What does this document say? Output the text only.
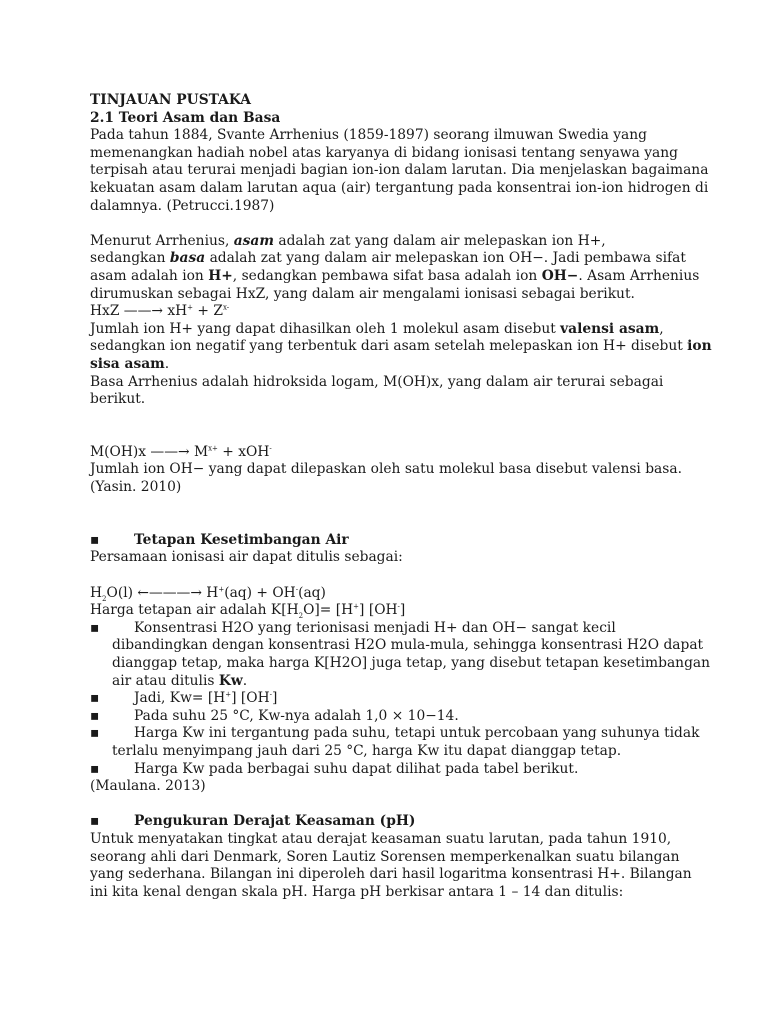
TINJAUAN PUSTAKA
2.1 Teori Asam dan Basa
Pada tahun 1884, Svante Arrhenius (1859-1897) seorang ilmuwan Swedia yang
memenangkan hadiah nobel atas karyanya di bidang ionisasi tentang senyawa yang
terpisah atau terurai menjadi bagian ion-ion dalam larutan. Dia menjelaskan bagaimana
kekuatan asam dalam larutan aqua (air) tergantung pada konsentrai ion-ion hidrogen di
dalamnya. (Petrucci.1987)
Menurut Arrhenius, asam adalah zat yang dalam air melepaskan ion H+,
sedangkan basa adalah zat yang dalam air melepaskan ion OH−. Jadi pembawa sifat
asam adalah ion H+, sedangkan pembawa sifat basa adalah ion OH−. Asam Arrhenius
dirumuskan sebagai HxZ, yang dalam air mengalami ionisasi sebagai berikut.
HxZ ——→ $xH^+ + Z^{x-}$
Jumlah ion H+ yang dapat dihasilkan oleh 1 molekul asam disebut valensi asam,
sedangkan ion negatif yang terbentuk dari asam setelah melepaskan ion H+ disebut ion
sisa asam.
Basa Arrhenius adalah hidroksida logam, M(OH)x, yang dalam air terurai sebagai
berikut.
M(OH)x ——→ $M^{x+} + xOH^-$
Jumlah ion OH− yang dapat dilepaskan oleh satu molekul basa disebut valensi basa.
(Yasin. 2010)
▪	Tetapan Kesetimbangan Air
Persamaan ionisasi air dapat ditulis sebagai:
$H_2O(l)$ ←———→ H+(aq) + OH-(aq)
Harga tetapan air adalah $K[H_2O]= [H^+]$ [OH-]
▪	Konsentrasi H2O yang terionisasi menjadi H+ dan OH− sangat kecil
dibandingkan dengan konsentrasi H2O mula-mula, sehingga konsentrasi H2O dapat
dianggap tetap, maka harga K[H2O] juga tetap, yang disebut tetapan kesetimbangan
air atau ditulis Kw.
▪	Jadi, Kw= [H+] [OH-]
▪	Pada suhu 25 °C, Kw-nya adalah 1,0 × 10−14.
▪	Harga Kw ini tergantung pada suhu, tetapi untuk percobaan yang suhunya tidak
terlalu menyimpang jauh dari 25 °C, harga Kw itu dapat dianggap tetap.
▪	Harga Kw pada berbagai suhu dapat dilihat pada tabel berikut.
(Maulana. 2013)
▪	Pengukuran Derajat Keasaman (pH)
Untuk menyatakan tingkat atau derajat keasaman suatu larutan, pada tahun 1910,
seorang ahli dari Denmark, Soren Lautiz Sorensen memperkenalkan suatu bilangan
yang sederhana. Bilangan ini diperoleh dari hasil logaritma konsentrasi H+. Bilangan
ini kita kenal dengan skala pH. Harga pH berkisar antara 1 – 14 dan ditulis:
